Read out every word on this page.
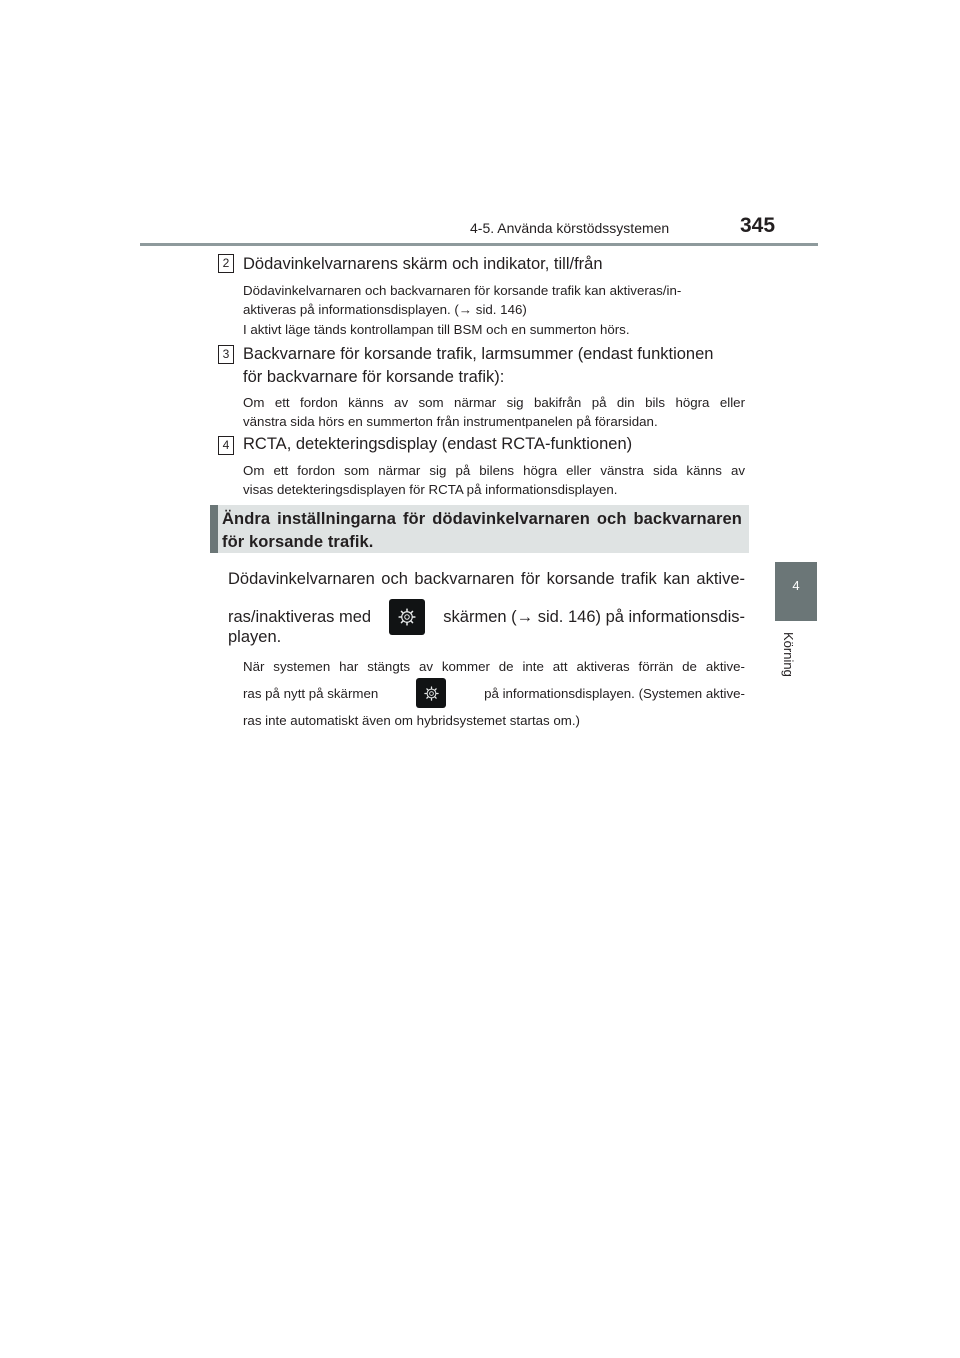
4-5. Använda körstödssystemen	345
4
Körning
2 Dödavinkelvarnarens skärm och indikator, till/från
Dödavinkelvarnaren och backvarnaren för korsande trafik kan aktiveras/in-
aktiveras på informationsdisplayen. (→ sid. 146)
I aktivt läge tänds kontrollampan till BSM och en summerton hörs.
3 Backvarnare för korsande trafik, larmsummer (endast funktionen
för backvarnare för korsande trafik):
Om ett fordon känns av som närmar sig bakifrån på din bils högra eller
vänstra sida hörs en summerton från instrumentpanelen på förarsidan.
4 RCTA, detekteringsdisplay (endast RCTA-funktionen)
Om ett fordon som närmar sig på bilens högra eller vänstra sida känns av
visas detekteringsdisplayen för RCTA på informationsdisplayen.
Ändra inställningarna för dödavinkelvarnaren och backvarnaren
för korsande trafik.
Dödavinkelvarnaren och backvarnaren för korsande trafik kan aktive-
ras/inaktiveras med	skärmen (→ sid. 146) på informationsdis-
playen.
När systemen har stängts av kommer de inte att aktiveras förrän de aktive-
ras på nytt på skärmen	på informationsdisplayen. (Systemen aktive-
ras inte automatiskt även om hybridsystemet startas om.)
